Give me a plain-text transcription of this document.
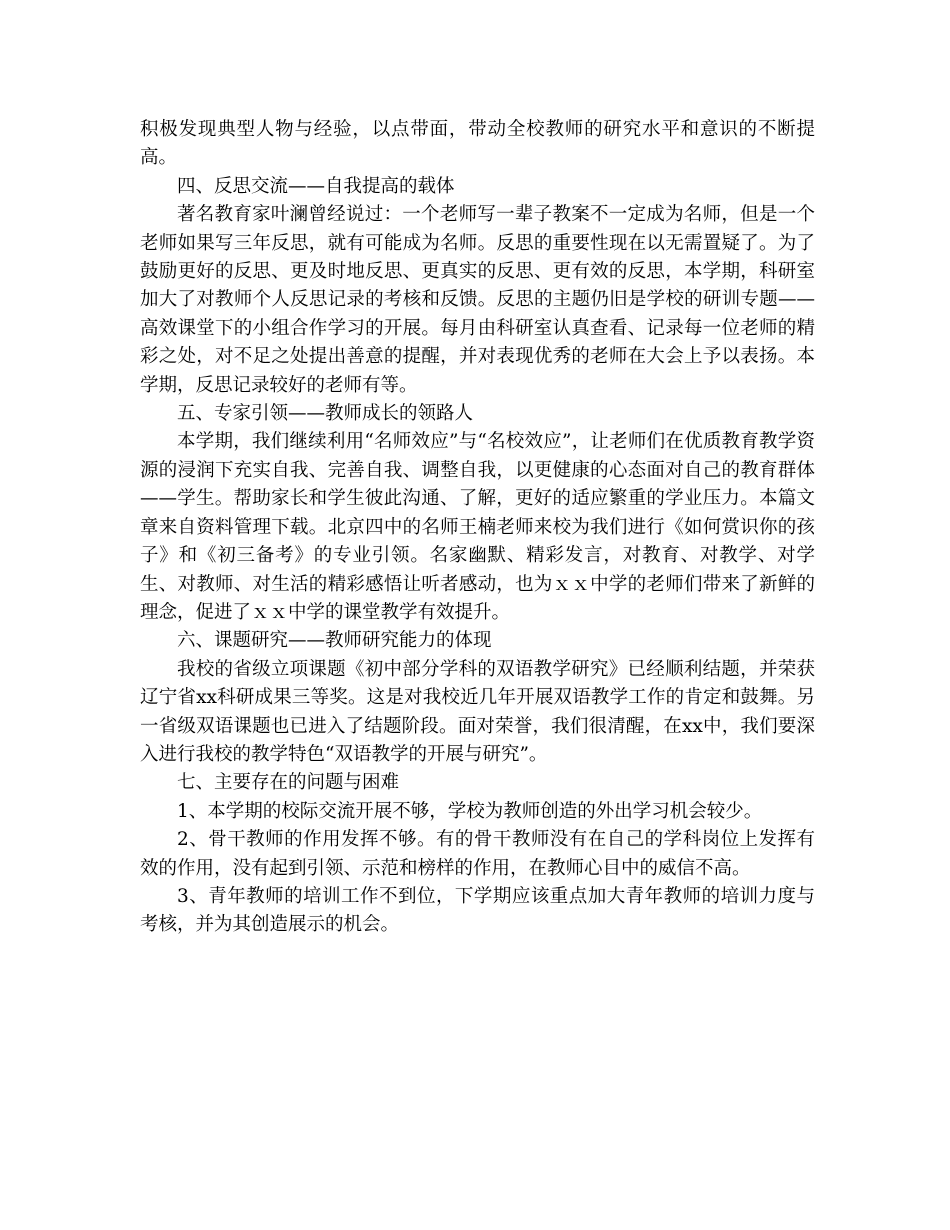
积极发现典型人物与经验，以点带面，带动全校教师的研究水平和意识的不断提高。

四、反思交流——自我提高的载体

著名教育家叶澜曾经说过：一个老师写一辈子教案不一定成为名师，但是一个老师如果写三年反思，就有可能成为名师。反思的重要性现在以无需置疑了。为了鼓励更好的反思、更及时地反思、更真实的反思、更有效的反思，本学期，科研室加大了对教师个人反思记录的考核和反馈。反思的主题仍旧是学校的研训专题——高效课堂下的小组合作学习的开展。每月由科研室认真查看、记录每一位老师的精彩之处，对不足之处提出善意的提醒，并对表现优秀的老师在大会上予以表扬。本学期，反思记录较好的老师有等。

五、专家引领——教师成长的领路人

本学期，我们继续利用“名师效应”与“名校效应”，让老师们在优质教育教学资源的浸润下充实自我、完善自我、调整自我，以更健康的心态面对自己的教育群体——学生。帮助家长和学生彼此沟通、了解，更好的适应繁重的学业压力。本篇文章来自资料管理下载。北京四中的名师王楠老师来校为我们进行《如何赏识你的孩子》和《初三备考》的专业引领。名家幽默、精彩发言，对教育、对教学、对学生、对教师、对生活的精彩感悟让听者感动，也为ｘｘ中学的老师们带来了新鲜的理念，促进了ｘｘ中学的课堂教学有效提升。

六、课题研究——教师研究能力的体现

我校的省级立项课题《初中部分学科的双语教学研究》已经顺利结题，并荣获辽宁省xx科研成果三等奖。这是对我校近几年开展双语教学工作的肯定和鼓舞。另一省级双语课题也已进入了结题阶段。面对荣誉，我们很清醒，在xx中，我们要深入进行我校的教学特色“双语教学的开展与研究”。

七、主要存在的问题与困难

1、本学期的校际交流开展不够，学校为教师创造的外出学习机会较少。

2、骨干教师的作用发挥不够。有的骨干教师没有在自己的学科岗位上发挥有效的作用，没有起到引领、示范和榜样的作用，在教师心目中的威信不高。

3、青年教师的培训工作不到位，下学期应该重点加大青年教师的培训力度与考核，并为其创造展示的机会。
